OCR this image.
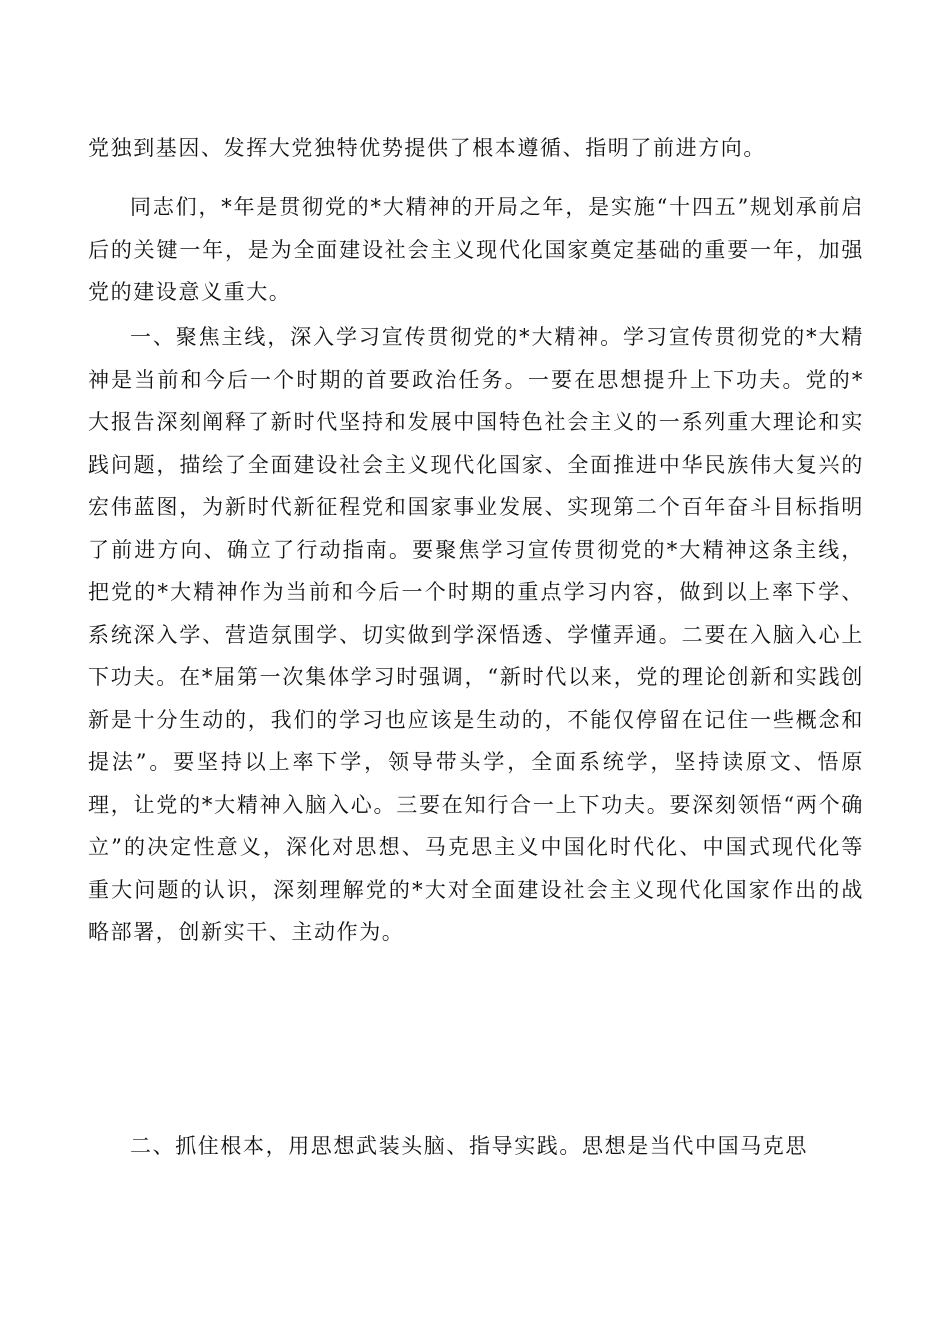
党独到基因、发挥大党独特优势提供了根本遵循、指明了前进方向。

同志们，*年是贯彻党的*大精神的开局之年，是实施“十四五”规划承前启后的关键一年，是为全面建设社会主义现代化国家奠定基础的重要一年，加强党的建设意义重大。

一、聚焦主线，深入学习宣传贯彻党的*大精神。学习宣传贯彻党的*大精神是当前和今后一个时期的首要政治任务。一要在思想提升上下功夫。党的*大报告深刻阐释了新时代坚持和发展中国特色社会主义的一系列重大理论和实践问题，描绘了全面建设社会主义现代化国家、全面推进中华民族伟大复兴的宏伟蓝图，为新时代新征程党和国家事业发展、实现第二个百年奋斗目标指明了前进方向、确立了行动指南。要聚焦学习宣传贯彻党的*大精神这条主线，把党的*大精神作为当前和今后一个时期的重点学习内容，做到以上率下学、系统深入学、营造氛围学、切实做到学深悟透、学懂弄通。二要在入脑入心上下功夫。在*届第一次集体学习时强调，“新时代以来，党的理论创新和实践创新是十分生动的，我们的学习也应该是生动的，不能仅停留在记住一些概念和提法”。要坚持以上率下学，领导带头学，全面系统学，坚持读原文、悟原理，让党的*大精神入脑入心。三要在知行合一上下功夫。要深刻领悟“两个确立”的决定性意义，深化对思想、马克思主义中国化时代化、中国式现代化等重大问题的认识，深刻理解党的*大对全面建设社会主义现代化国家作出的战略部署，创新实干、主动作为。

二、抓住根本，用思想武装头脑、指导实践。思想是当代中国马克思
